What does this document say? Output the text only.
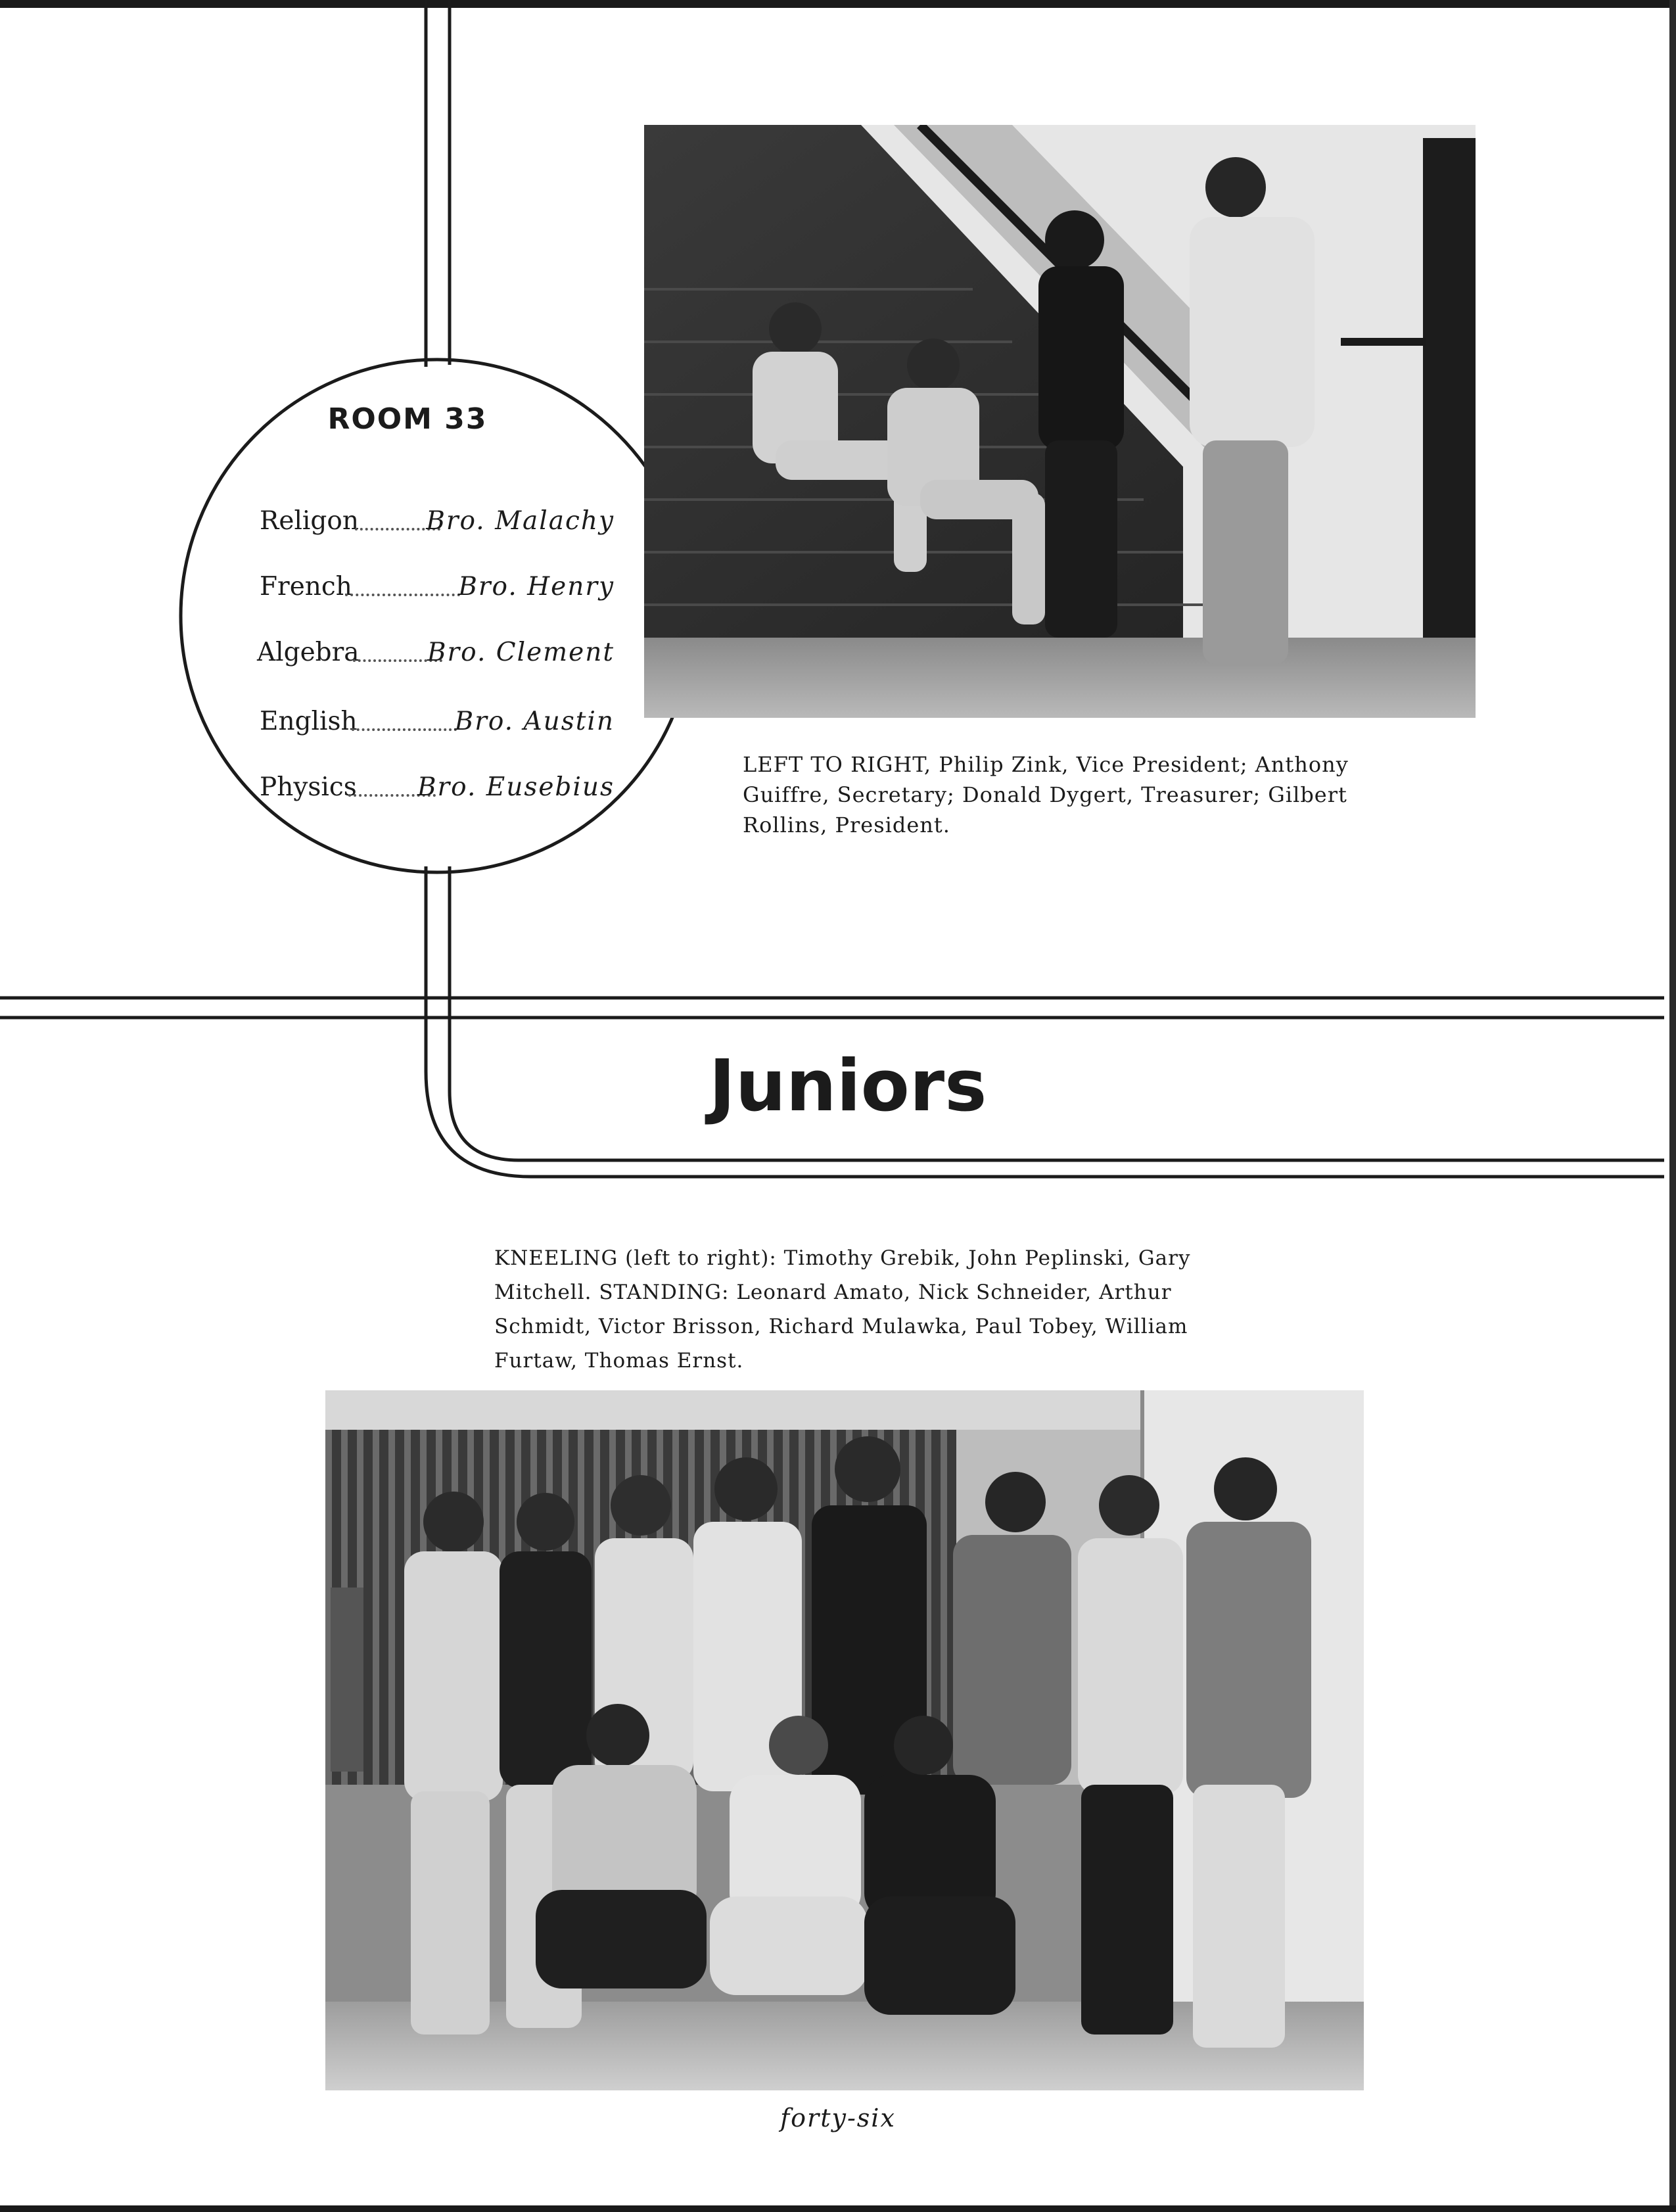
ROOM 33
Religon	Bro. Malachy
French	Bro. Henry
Algebra	Bro. Clement
English	Bro. Austin
Physics Bro. Eusebius
LEFT TO RIGHT, Philip Zink, Vice President; Anthony Guiffre, Secretary; Donald Dygert, Treasurer; Gilbert Rollins, President.
Juniors
KNEELING (left to right): Timothy Grebik, John Peplinski, Gary Mitchell. STANDING: Leonard Amato, Nick Schneider, Arthur Schmidt, Victor Brisson, Richard Mulawka, Paul Tobey, William Furtaw, Thomas Ernst.
forty-six
